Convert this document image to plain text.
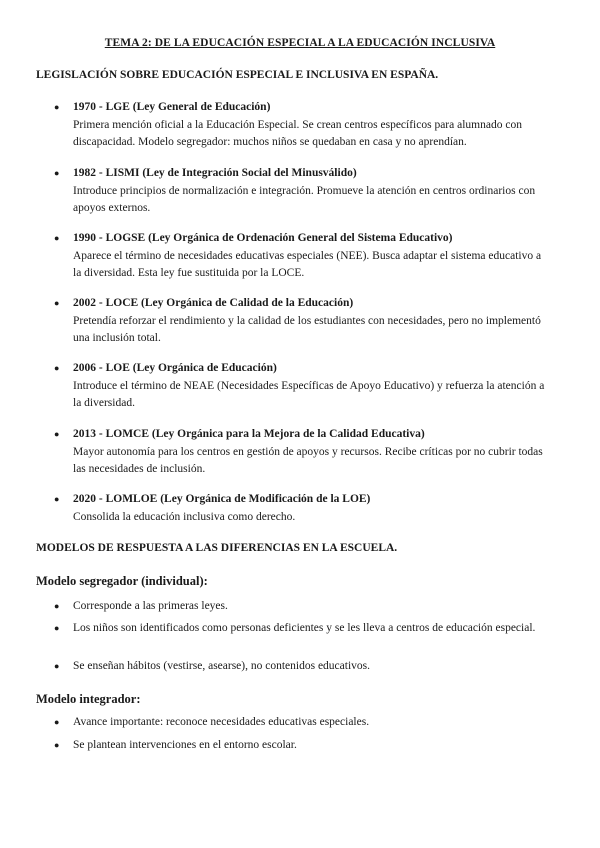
TEMA 2: DE LA EDUCACIÓN ESPECIAL A LA EDUCACIÓN INCLUSIVA
LEGISLACIÓN SOBRE EDUCACIÓN ESPECIAL E INCLUSIVA EN ESPAÑA.
● 1970 - LGE (Ley General de Educación)
Primera mención oficial a la Educación Especial. Se crean centros específicos para alumnado con discapacidad. Modelo segregador: muchos niños se quedaban en casa y no aprendían.
● 1982 - LISMI (Ley de Integración Social del Minusválido)
Introduce principios de normalización e integración. Promueve la atención en centros ordinarios con apoyos externos.
● 1990 - LOGSE (Ley Orgánica de Ordenación General del Sistema Educativo)
Aparece el término de necesidades educativas especiales (NEE). Busca adaptar el sistema educativo a la diversidad. Esta ley fue sustituida por la LOCE.
● 2002 - LOCE (Ley Orgánica de Calidad de la Educación)
Pretendía reforzar el rendimiento y la calidad de los estudiantes con necesidades, pero no implementó una inclusión total.
● 2006 - LOE (Ley Orgánica de Educación)
Introduce el término de NEAE (Necesidades Específicas de Apoyo Educativo) y refuerza la atención a la diversidad.
● 2013 - LOMCE (Ley Orgánica para la Mejora de la Calidad Educativa)
Mayor autonomía para los centros en gestión de apoyos y recursos. Recibe críticas por no cubrir todas las necesidades de inclusión.
● 2020 - LOMLOE (Ley Orgánica de Modificación de la LOE)
Consolida la educación inclusiva como derecho.
MODELOS DE RESPUESTA A LAS DIFERENCIAS EN LA ESCUELA.
Modelo segregador (individual):
● Corresponde a las primeras leyes.
● Los niños son identificados como personas deficientes y se les lleva a centros de educación especial.
● Se enseñan hábitos (vestirse, asearse), no contenidos educativos.
Modelo integrador:
● Avance importante: reconoce necesidades educativas especiales.
● Se plantean intervenciones en el entorno escolar.
